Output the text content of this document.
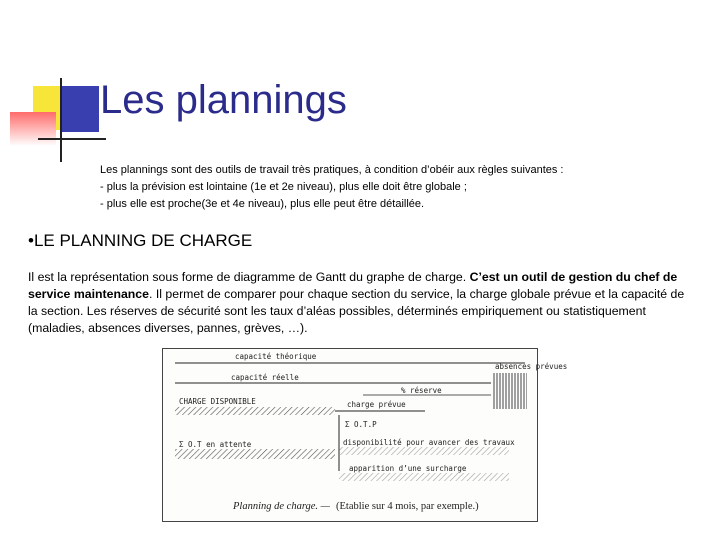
Les plannings
Les plannings sont des outils de travail très pratiques, à condition d’obéir aux règles suivantes :
- plus la prévision est lointaine (1e et 2e niveau), plus elle doit être globale ;
- plus elle est proche(3e et 4e niveau), plus elle peut être détaillée.
•LE PLANNING DE CHARGE
Il est la représentation sous forme de diagramme de Gantt du graphe de charge. C’est un outil de gestion du chef de service maintenance. Il permet de comparer pour chaque section du service, la charge globale prévue et la capacité de la section. Les réserves de sécurité sont les taux d’aléas possibles, déterminés empiriquement ou statistiquement (maladies, absences diverses, pannes, grèves, …).
capacité théorique
capacité réelle
absences prévues
% réserve
CHARGE DISPONIBLE	charge prévue
Σ O.T.P
Σ O.T en attente	disponibilité pour avancer des travaux
apparition d’une surcharge
Planning de charge. — (Etablie sur 4 mois, par exemple.)
